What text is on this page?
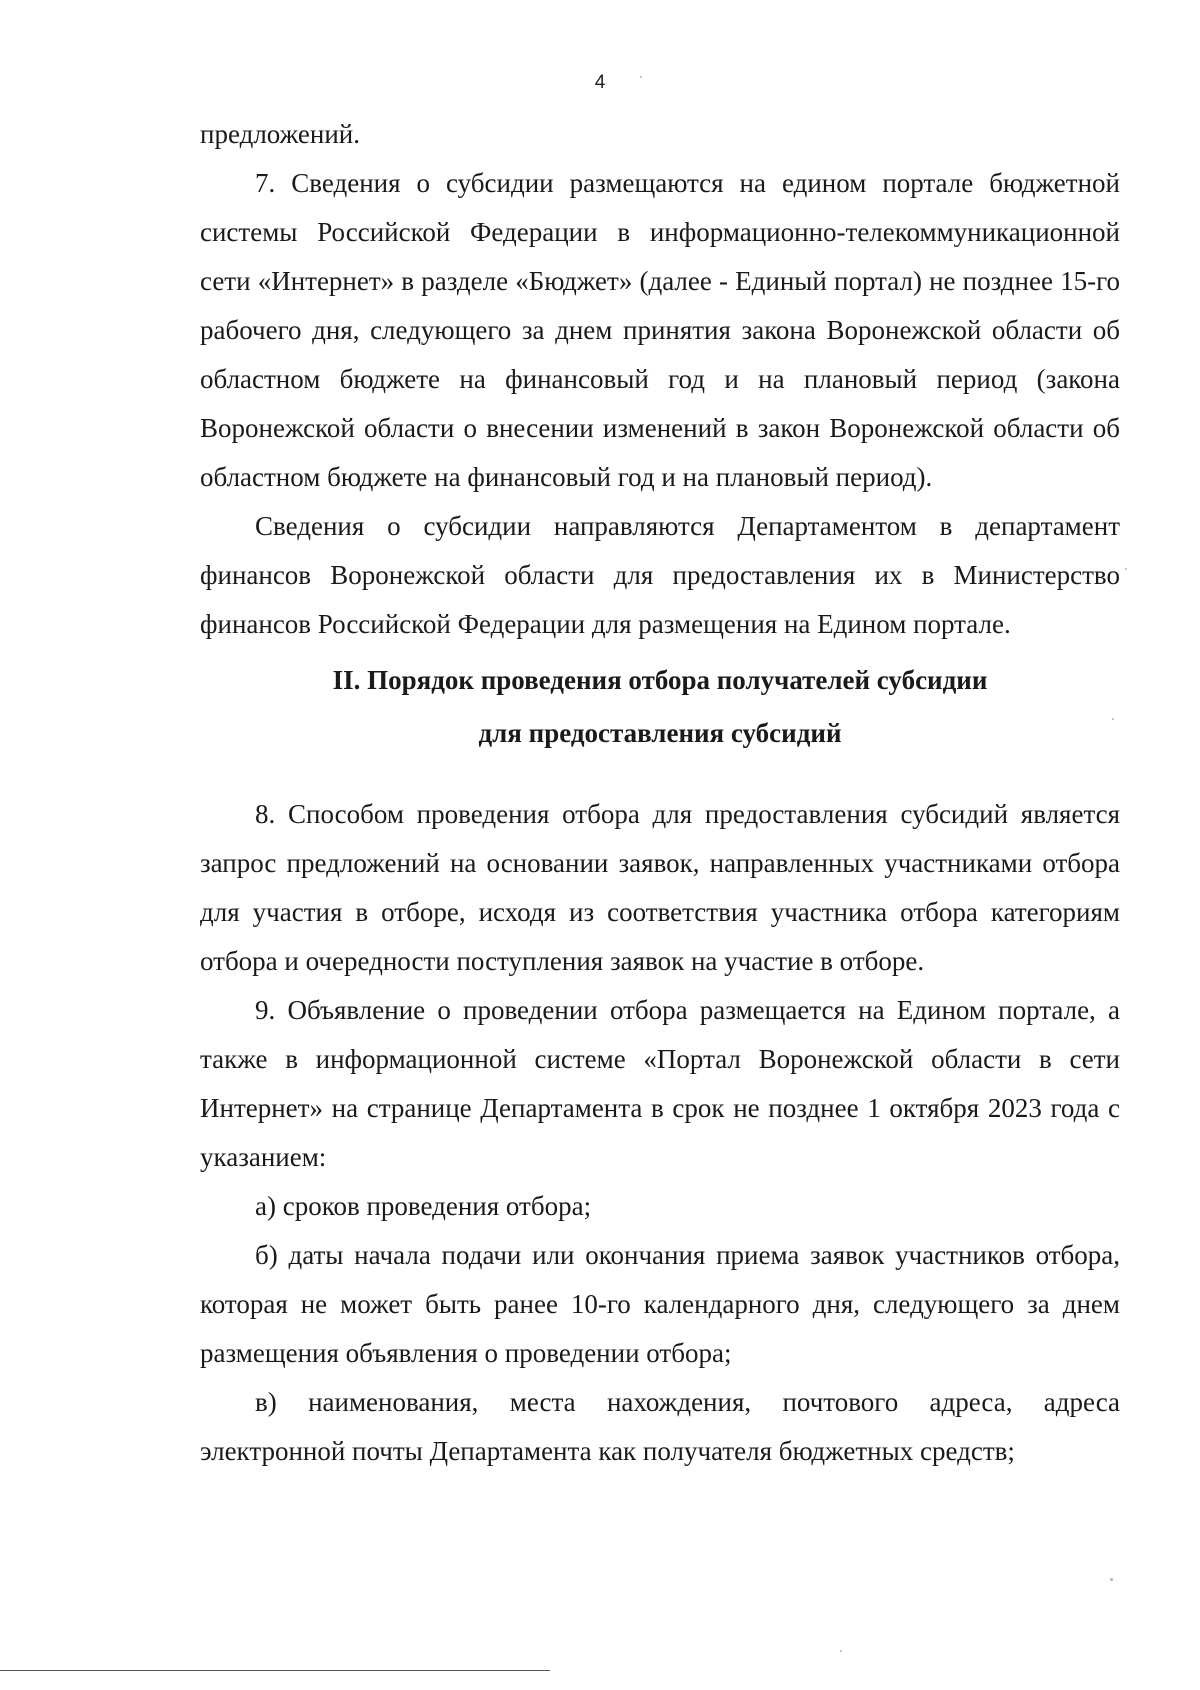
4

предложений.

7. Сведения о субсидии размещаются на едином портале бюджетной системы Российской Федерации в информационно-телекоммуникационной сети «Интернет» в разделе «Бюджет» (далее - Единый портал) не позднее 15-го рабочего дня, следующего за днем принятия закона Воронежской области об областном бюджете на финансовый год и на плановый период (закона Воронежской области о внесении изменений в закон Воронежской области об областном бюджете на финансовый год и на плановый период).

Сведения о субсидии направляются Департаментом в департамент финансов Воронежской области для предоставления их в Министерство финансов Российской Федерации для размещения на Едином портале.

II. Порядок проведения отбора получателей субсидии
для предоставления субсидий

8. Способом проведения отбора для предоставления субсидий является запрос предложений на основании заявок, направленных участниками отбора для участия в отборе, исходя из соответствия участника отбора категориям отбора и очередности поступления заявок на участие в отборе.

9. Объявление о проведении отбора размещается на Едином портале, а также в информационной системе «Портал Воронежской области в сети Интернет» на странице Департамента в срок не позднее 1 октября 2023 года с указанием:

а) сроков проведения отбора;

б) даты начала подачи или окончания приема заявок участников отбора, которая не может быть ранее 10-го календарного дня, следующего за днем размещения объявления о проведении отбора;

в) наименования, места нахождения, почтового адреса, адреса электронной почты Департамента как получателя бюджетных средств;
